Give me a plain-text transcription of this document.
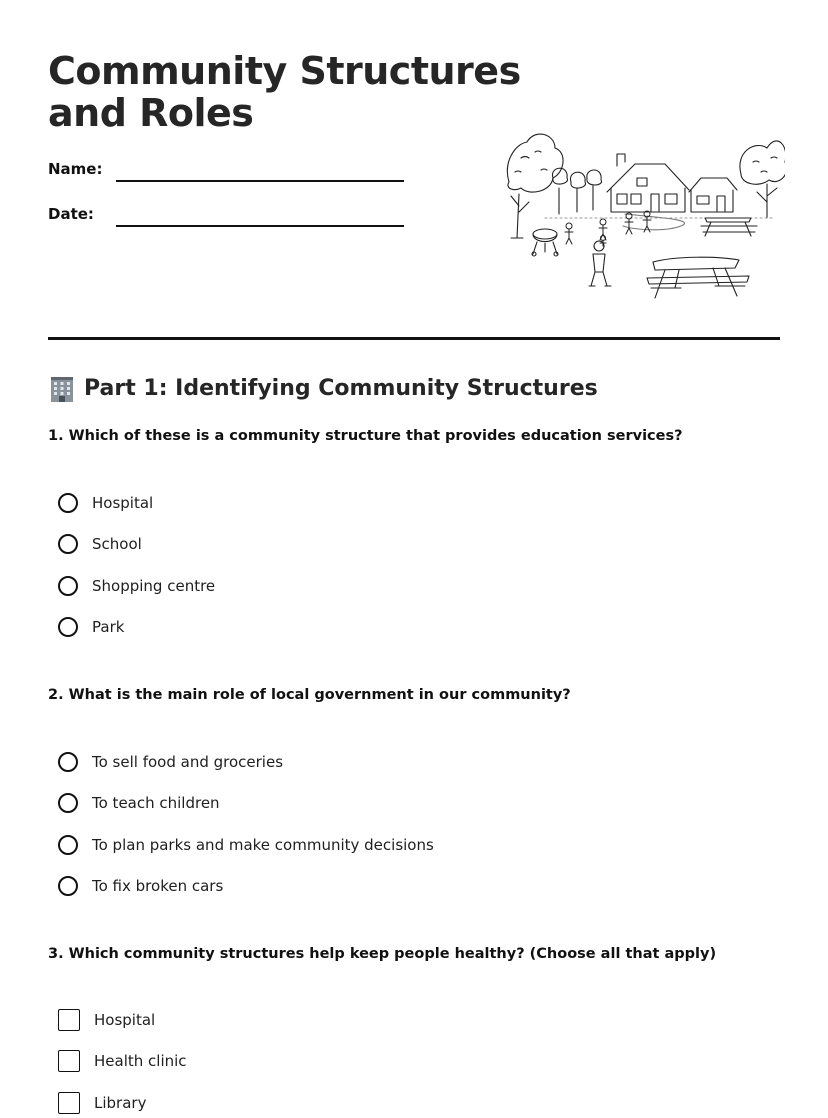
Community Structures
and Roles
Name:
Date:
Part 1: Identifying Community Structures

1. Which of these is a community structure that provides education services?

Hospital
School
Shopping centre
Park

2. What is the main role of local government in our community?

To sell food and groceries
To teach children
To plan parks and make community decisions
To fix broken cars

3. Which community structures help keep people healthy? (Choose all that apply)

Hospital
Health clinic
Library
